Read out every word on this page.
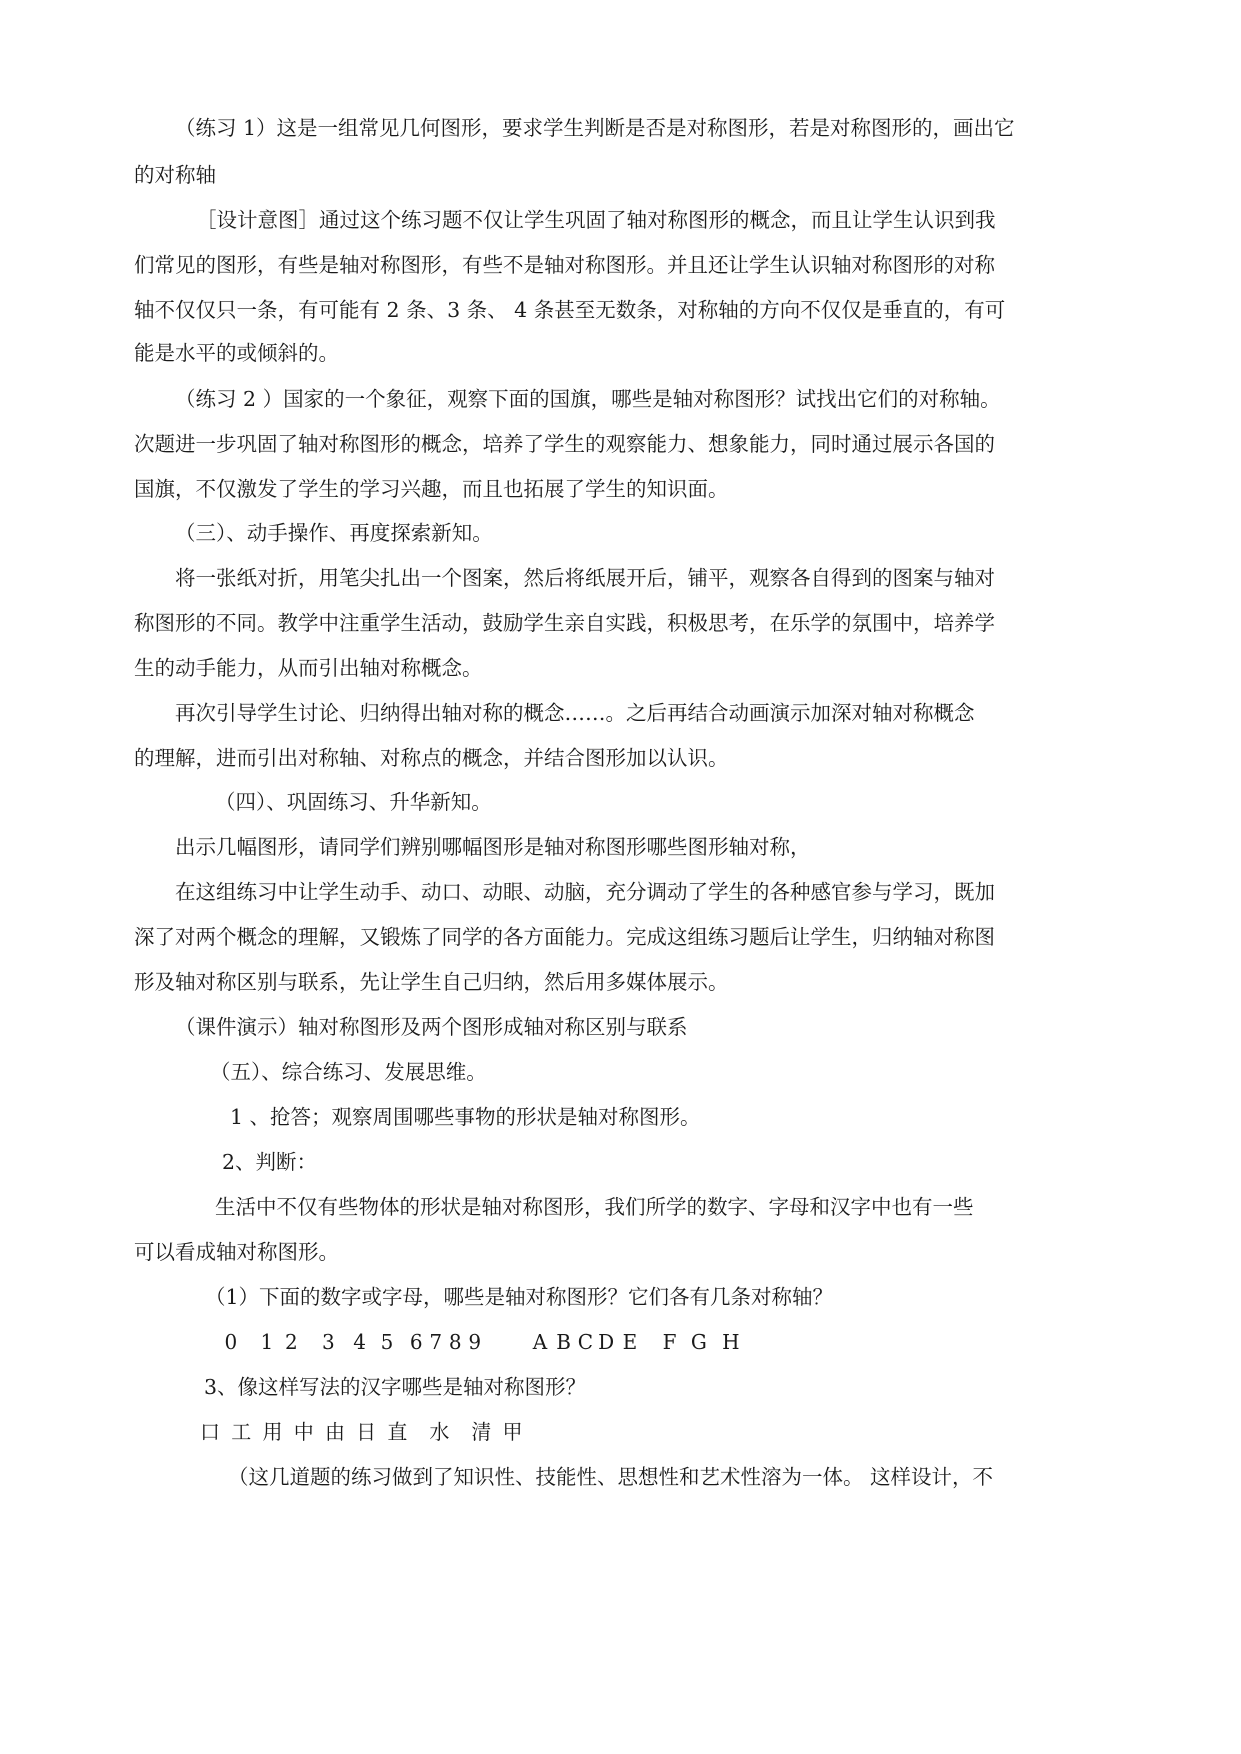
（练习 1）这是一组常见几何图形，要求学生判断是否是对称图形，若是对称图形的，画出它
的对称轴
［设计意图］通过这个练习题不仅让学生巩固了轴对称图形的概念，而且让学生认识到我
们常见的图形，有些是轴对称图形，有些不是轴对称图形。并且还让学生认识轴对称图形的对称
轴不仅仅只一条，有可能有 2 条、3 条、 4 条甚至无数条，对称轴的方向不仅仅是垂直的，有可
能是水平的或倾斜的。
（练习 2 ）国家的一个象征，观察下面的国旗，哪些是轴对称图形？试找出它们的对称轴。
次题进一步巩固了轴对称图形的概念，培养了学生的观察能力、想象能力，同时通过展示各国的
国旗，不仅激发了学生的学习兴趣，而且也拓展了学生的知识面。
（三）、动手操作、再度探索新知。
将一张纸对折，用笔尖扎出一个图案，然后将纸展开后，铺平，观察各自得到的图案与轴对
称图形的不同。教学中注重学生活动，鼓励学生亲自实践，积极思考，在乐学的氛围中，培养学
生的动手能力，从而引出轴对称概念。
再次引导学生讨论、归纳得出轴对称的概念……。之后再结合动画演示加深对轴对称概念
的理解，进而引出对称轴、对称点的概念，并结合图形加以认识。
（四）、巩固练习、升华新知。
出示几幅图形，请同学们辨别哪幅图形是轴对称图形哪些图形轴对称，
在这组练习中让学生动手、动口、动眼、动脑，充分调动了学生的各种感官参与学习，既加
深了对两个概念的理解，又锻炼了同学的各方面能力。完成这组练习题后让学生，归纳轴对称图
形及轴对称区别与联系，先让学生自己归纳，然后用多媒体展示。
（课件演示）轴对称图形及两个图形成轴对称区别与联系
（五）、综合练习、发展思维。
1 、抢答；观察周围哪些事物的形状是轴对称图形。
2、判断：
生活中不仅有些物体的形状是轴对称图形，我们所学的数字、字母和汉字中也有一些
可以看成轴对称图形。
（1）下面的数字或字母，哪些是轴对称图形？它们各有几条对称轴？
0 1 2 3 4 5 6 7 8 9	A B C D E F G H
3、像这样写法的汉字哪些是轴对称图形？
口 工 用 中 由 日 直 水 清 甲
（这几道题的练习做到了知识性、技能性、思想性和艺术性溶为一体。 这样设计，不
